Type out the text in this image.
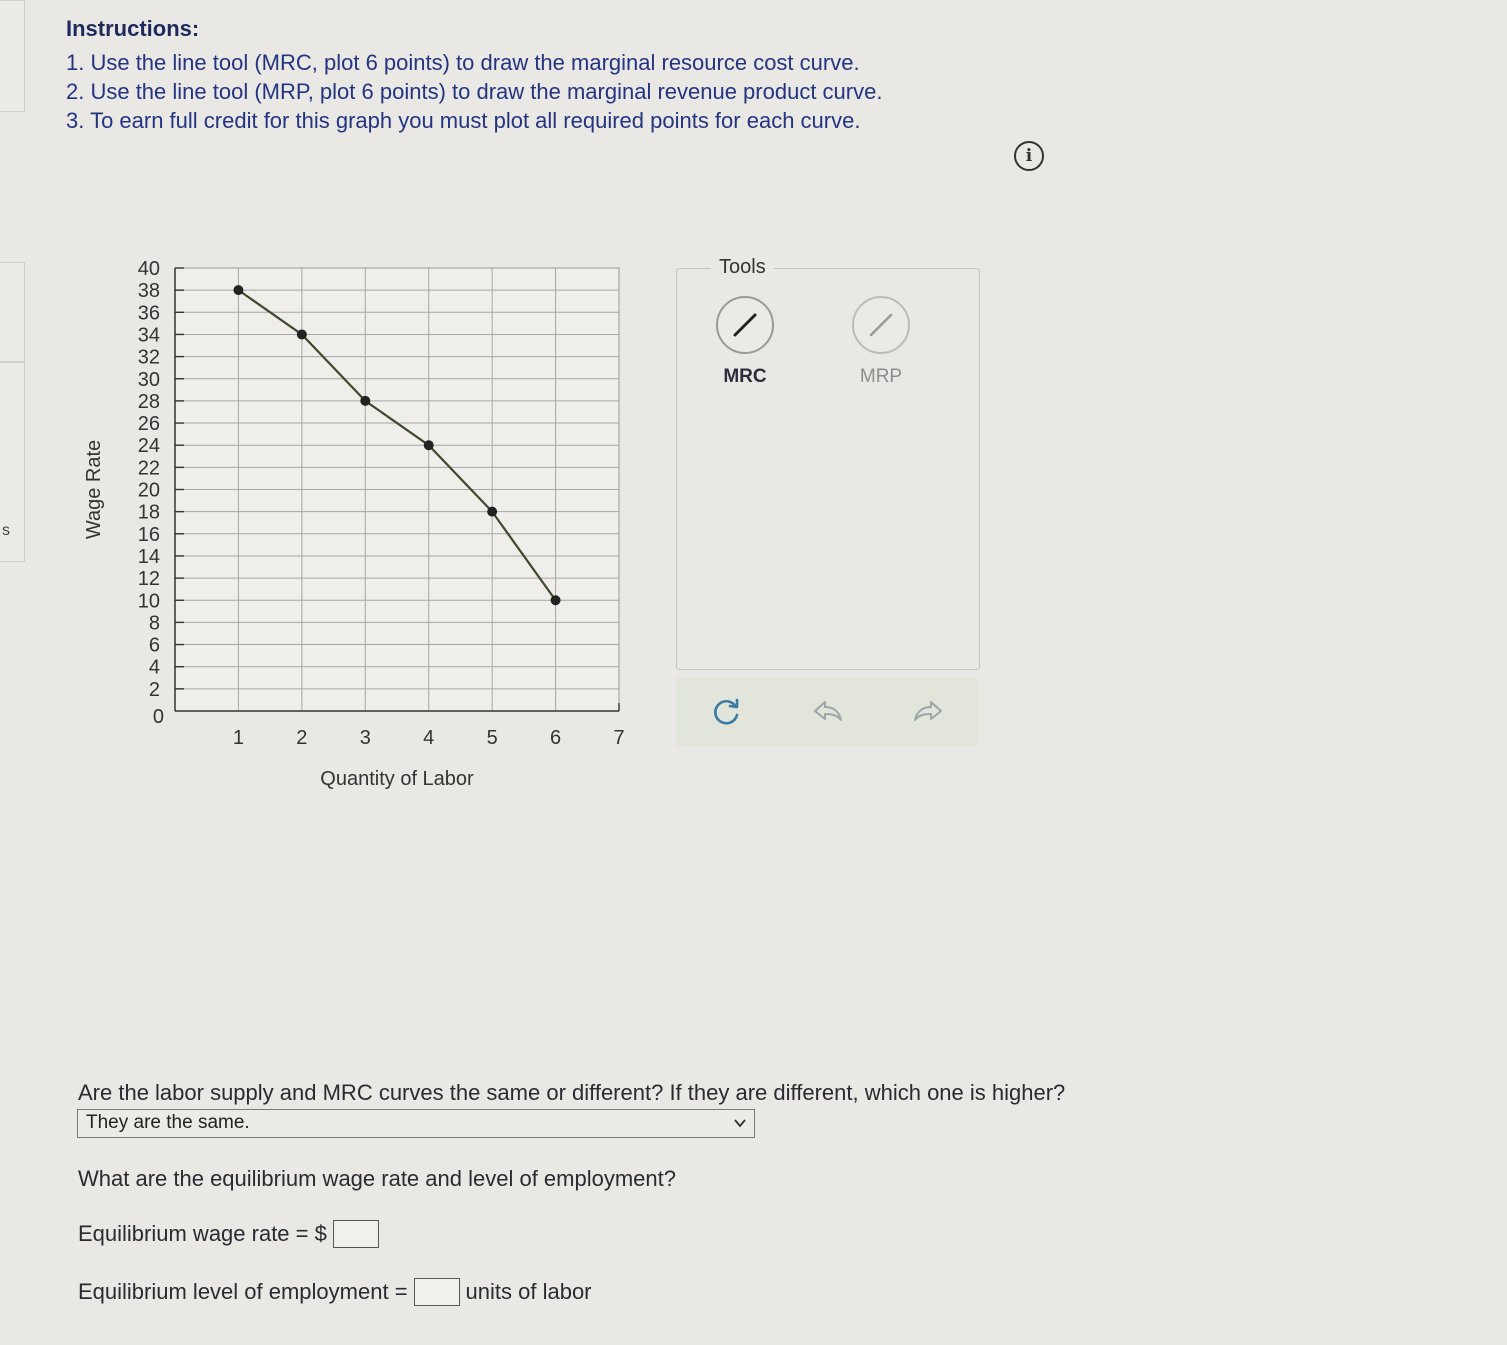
s

Instructions:

1. Use the line tool (MRC, plot 6 points) to draw the marginal resource cost curve.
2. Use the line tool (MRP, plot 6 points) to draw the marginal revenue product curve.
3. To earn full credit for this graph you must plot all required points for each curve.
i
40
38
36
34
32
30
28
26
24
22
20
18
16
14
12
10
8
6
4
2
0
1	2	3	4	5	6	7
Quantity of Labor
Wage Rate
Tools
MRC	MRP
Are the labor supply and MRC curves the same or different? If they are different, which one is higher?
They are the same.
What are the equilibrium wage rate and level of employment?
Equilibrium wage rate = $
Equilibrium level of employment =	units of labor
